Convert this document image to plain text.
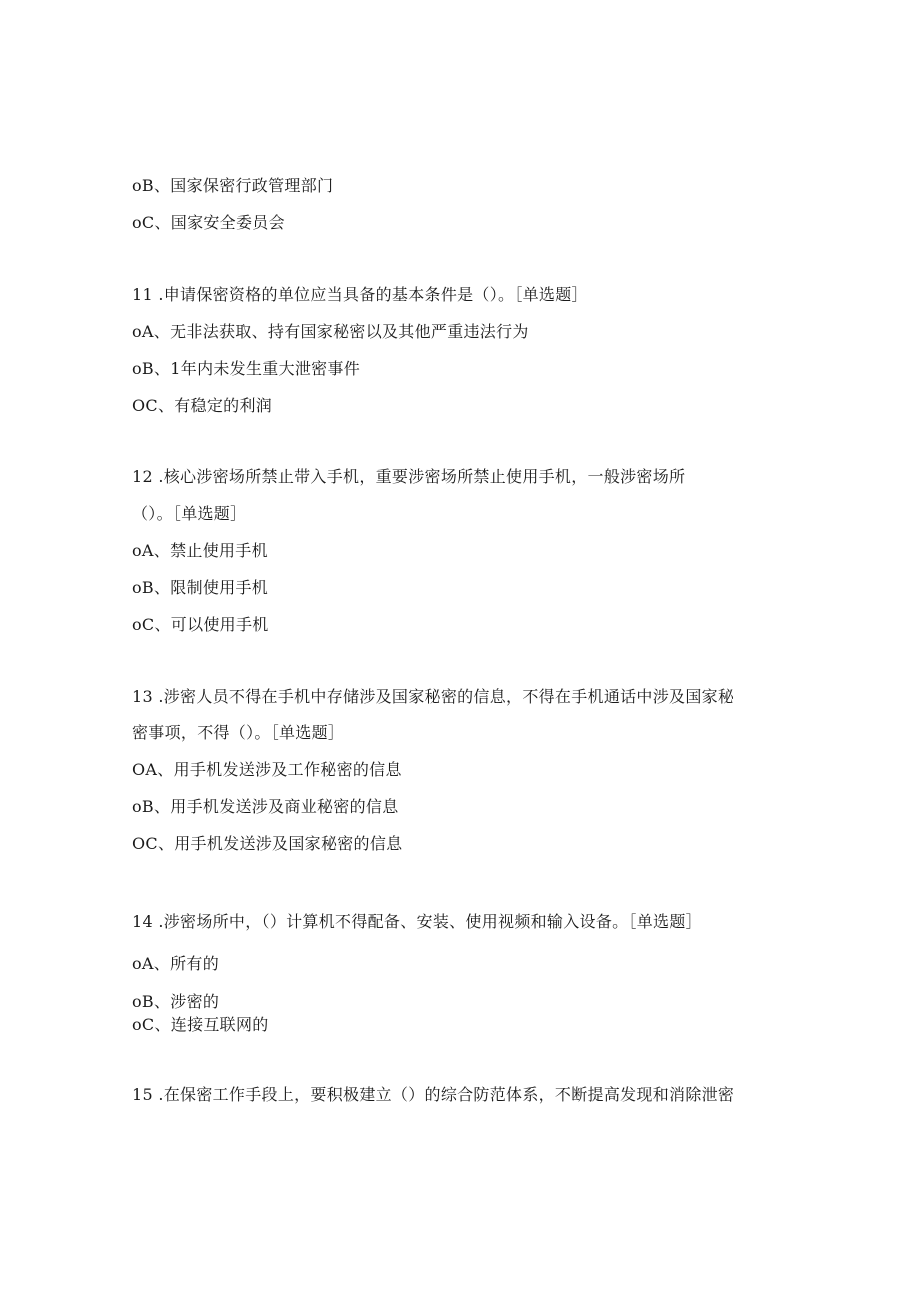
oB、国家保密行政管理部门
oC、国家安全委员会
11 .申请保密资格的单位应当具备的基本条件是（）。［单选题］
oA、无非法获取、持有国家秘密以及其他严重违法行为
oB、1年内未发生重大泄密事件
OC、有稳定的利润
12 .核心涉密场所禁止带入手机，重要涉密场所禁止使用手机，一般涉密场所
（）。［单选题］
oA、禁止使用手机
oB、限制使用手机
oC、可以使用手机
13 .涉密人员不得在手机中存储涉及国家秘密的信息，不得在手机通话中涉及国家秘
密事项，不得（）。［单选题］
OA、用手机发送涉及工作秘密的信息
oB、用手机发送涉及商业秘密的信息
OC、用手机发送涉及国家秘密的信息
14 .涉密场所中，（）计算机不得配备、安装、使用视频和输入设备。［单选题］
oA、所有的
oB、涉密的
oC、连接互联网的
15 .在保密工作手段上，要积极建立（）的综合防范体系，不断提高发现和消除泄密
